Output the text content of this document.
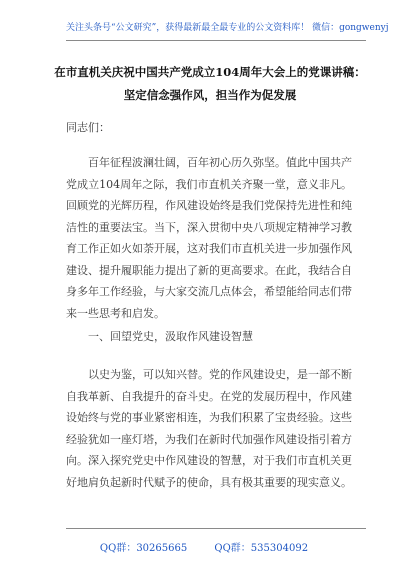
关注头条号“公文研究”，获得最新最全最专业的公文资料库！ 微信：gongwenyj
在市直机关庆祝中国共产党成立104周年大会上的党课讲稿：
坚定信念强作风，担当作为促发展
同志们：
百年征程波澜壮阔，百年初心历久弥坚。值此中国共产党成立104周年之际，我们市直机关齐聚一堂，意义非凡。回顾党的光辉历程，作风建设始终是我们党保持先进性和纯洁性的重要法宝。当下，深入贯彻中央八项规定精神学习教育工作正如火如荼开展，这对我们市直机关进一步加强作风建设、提升履职能力提出了新的更高要求。在此，我结合自身多年工作经验，与大家交流几点体会，希望能给同志们带来一些思考和启发。
一、回望党史，汲取作风建设智慧
以史为鉴，可以知兴替。党的作风建设史，是一部不断自我革新、自我提升的奋斗史。在党的发展历程中，作风建设始终与党的事业紧密相连，为我们积累了宝贵经验。这些经验犹如一座灯塔，为我们在新时代加强作风建设指引着方向。深入探究党史中作风建设的智慧，对于我们市直机关更好地肩负起新时代赋予的使命，具有极其重要的现实意义。
QQ群：30265665	QQ群：535304092
